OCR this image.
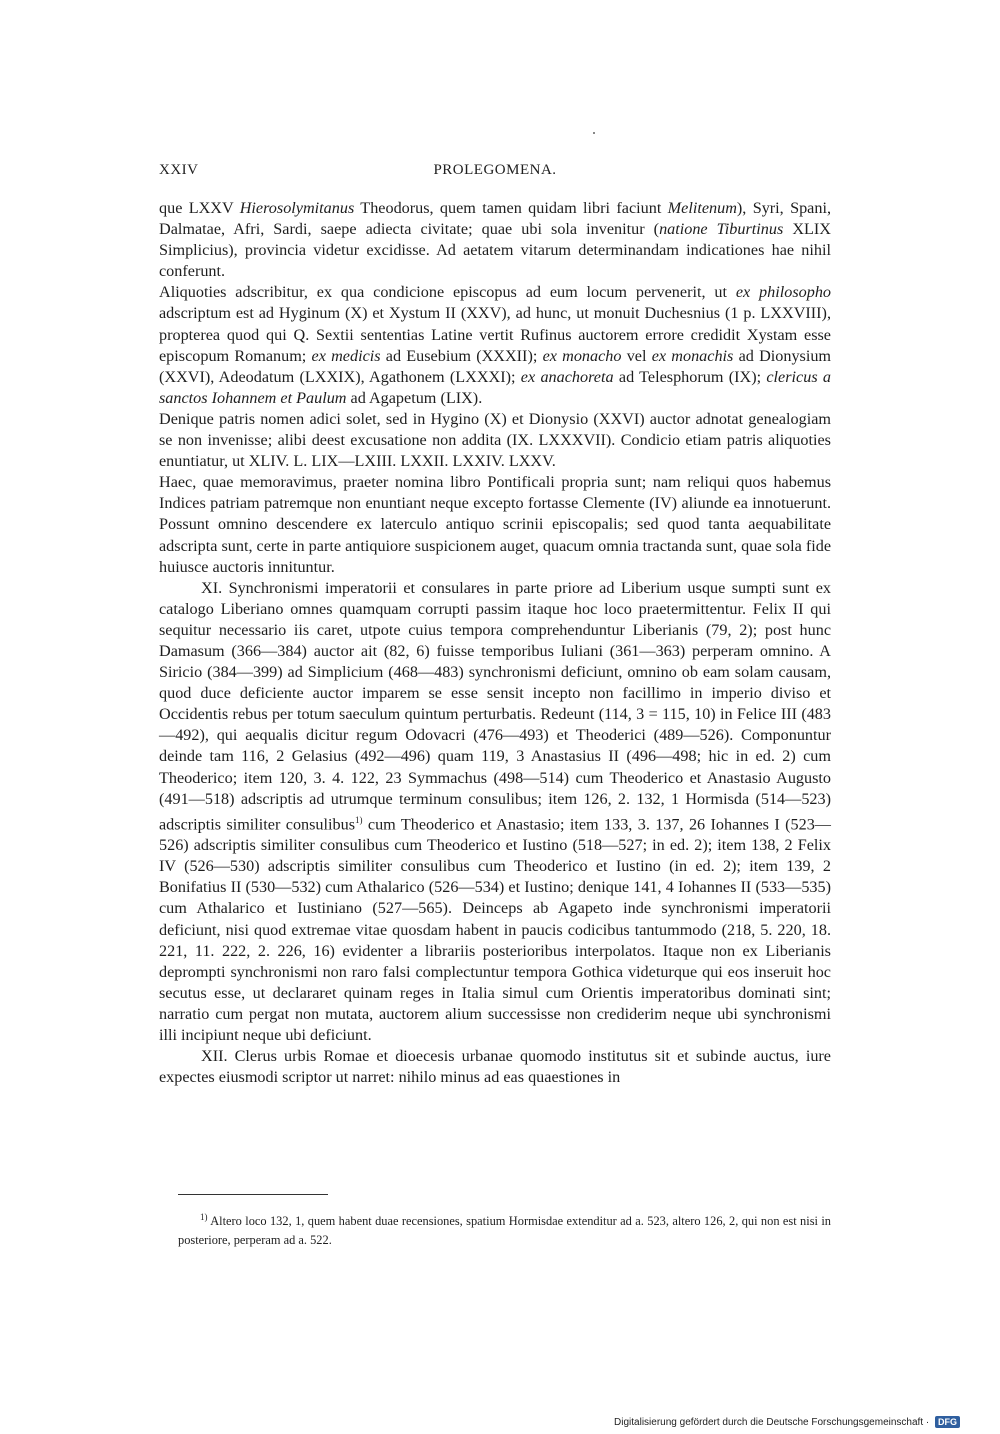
XXIV	PROLEGOMENA.

que LXXV Hierosolymitanus Theodorus, quem tamen quidam libri faciunt Melitenum), Syri, Spani, Dalmatae, Afri, Sardi, saepe adiecta civitate; quae ubi sola invenitur (natione Tiburtinus XLIX Simplicius), provincia videtur excidisse. Ad aetatem vitarum determinandam indicationes hae nihil conferunt.

Aliquoties adscribitur, ex qua condicione episcopus ad eum locum pervenerit, ut ex philosopho adscriptum est ad Hyginum (X) et Xystum II (XXV), ad hunc, ut monuit Duchesnius (1 p. LXXVIII), propterea quod qui Q. Sextii sententias Latine vertit Rufinus auctorem errore credidit Xystam esse episcopum Romanum; ex medicis ad Eusebium (XXXII); ex monacho vel ex monachis ad Dionysium (XXVI), Adeodatum (LXXIX), Agathonem (LXXXI); ex anachoreta ad Telesphorum (IX); clericus a sanctos Iohannem et Paulum ad Agapetum (LIX).

Denique patris nomen adici solet, sed in Hygino (X) et Dionysio (XXVI) auctor adnotat genealogiam se non invenisse; alibi deest excusatione non addita (IX. LXXXVII). Condicio etiam patris aliquoties enuntiatur, ut XLIV. L. LIX—LXIII. LXXII. LXXIV. LXXV.

Haec, quae memoravimus, praeter nomina libro Pontificali propria sunt; nam reliqui quos habemus Indices patriam patremque non enuntiant neque excepto fortasse Clemente (IV) aliunde ea innotuerunt. Possunt omnino descendere ex laterculo antiquo scrinii episcopalis; sed quod tanta aequabilitate adscripta sunt, certe in parte antiquiore suspicionem auget, quacum omnia tractanda sunt, quae sola fide huiusce auctoris innituntur.

XI. Synchronismi imperatorii et consulares in parte priore ad Liberium usque sumpti sunt ex catalogo Liberiano omnes quamquam corrupti passim itaque hoc loco praetermittentur. Felix II qui sequitur necessario iis caret, utpote cuius tempora comprehenduntur Liberianis (79, 2); post hunc Damasum (366—384) auctor ait (82, 6) fuisse temporibus Iuliani (361—363) perperam omnino. A Siricio (384—399) ad Simplicium (468—483) synchronismi deficiunt, omnino ob eam solam causam, quod duce deficiente auctor imparem se esse sensit incepto non facillimo in imperio diviso et Occidentis rebus per totum saeculum quintum perturbatis. Redeunt (114, 3 = 115, 10) in Felice III (483—492), qui aequalis dicitur regum Odovacri (476—493) et Theoderici (489—526). Componuntur deinde tam 116, 2 Gelasius (492—496) quam 119, 3 Anastasius II (496—498; hic in ed. 2) cum Theoderico; item 120, 3. 4. 122, 23 Symmachus (498—514) cum Theoderico et Anastasio Augusto (491—518) adscriptis ad utrumque terminum consulibus; item 126, 2. 132, 1 Hormisda (514—523) adscriptis similiter consulibus$^{1)}$ cum Theoderico et Anastasio; item 133, 3. 137, 26 Iohannes I (523—526) adscriptis similiter consulibus cum Theoderico et Iustino (518—527; in ed. 2); item 138, 2 Felix IV (526—530) adscriptis similiter consulibus cum Theoderico et Iustino (in ed. 2); item 139, 2 Bonifatius II (530—532) cum Athalarico (526—534) et Iustino; denique 141, 4 Iohannes II (533—535) cum Athalarico et Iustiniano (527—565). Deinceps ab Agapeto inde synchronismi imperatorii deficiunt, nisi quod extremae vitae quosdam habent in paucis codicibus tantummodo (218, 5. 220, 18. 221, 11. 222, 2. 226, 16) evidenter a librariis posterioribus interpolatos. Itaque non ex Liberianis deprompti synchronismi non raro falsi complectuntur tempora Gothica videturque qui eos inseruit hoc secutus esse, ut declararet quinam reges in Italia simul cum Orientis imperatoribus dominati sint; narratio cum pergat non mutata, auctorem alium successisse non crediderim neque ubi synchronismi illi incipiunt neque ubi deficiunt.

XII. Clerus urbis Romae et dioecesis urbanae quomodo institutus sit et subinde auctus, iure expectes eiusmodi scriptor ut narret: nihilo minus ad eas quaestiones in

$^{1)}$ Altero loco 132, 1, quem habent duae recensiones, spatium Hormisdae extenditur ad a. 523, altero 126, 2, qui non est nisi in posteriore, perperam ad a. 522.
Digitalisierung gefördert durch die Deutsche Forschungsgemeinschaft · DFG
